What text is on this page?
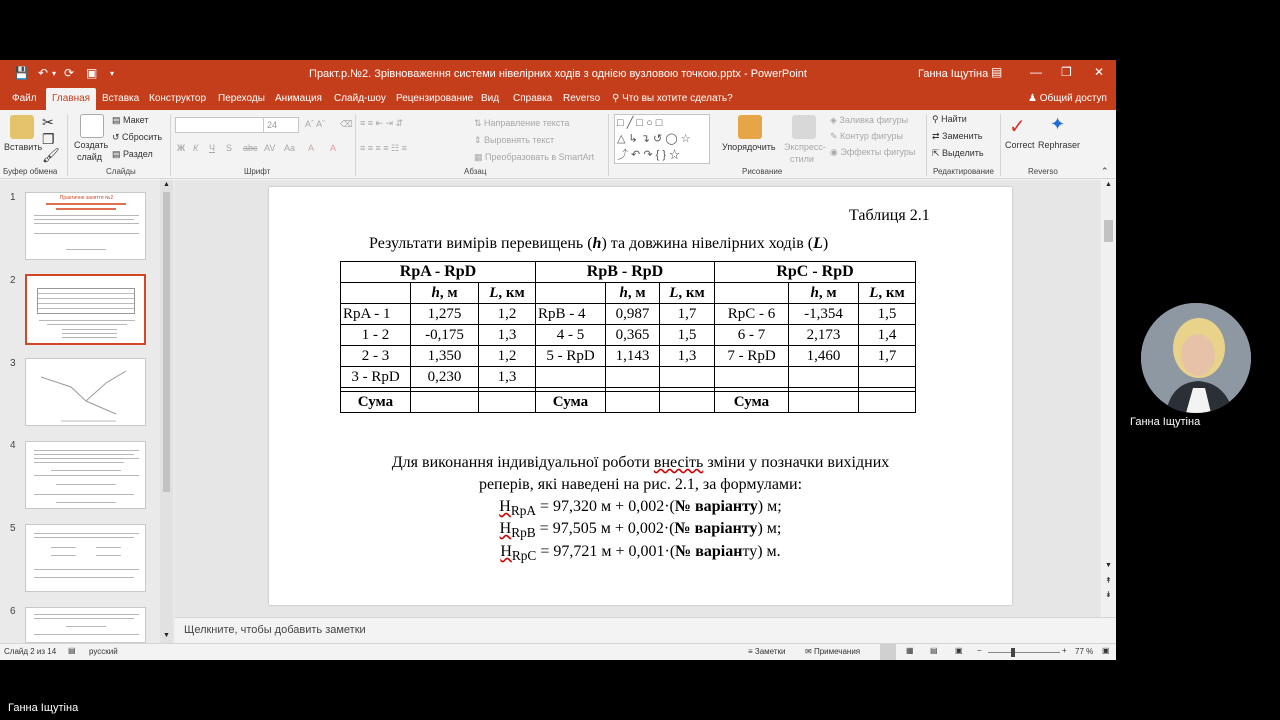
💾 ↶ ▾ ⟳ ▣ ▾	Практ.р.№2. Зрівноваження системи нівелірних ходів з однією вузловою точкою.pptx - PowerPoint	Ганна Іщутіна ▤ — ❐ ✕
Файл	Главная	Вставка Конструктор Переходы Анимация Слайд-шоу Рецензирование Вид Справка Reverso ⚲ Что вы хотите сделать?	♟ Общий доступ
Вставить
✂
❐
🖌
Буфер обмена
Создать
слайд
▤ Макет
↺ Сбросить
▤ Раздел
Слайды
24	Aˆ Aˇ ⌫
Ж К Ч S abc AV Aa A A
Шрифт
≡ ≡ ⇤ ⇥ ⇵	⇅ Направление текста
⇕ Выровнять текст
▦ Преобразовать в SmartArt
≡ ≡ ≡ ≡ ☷ ≡
Абзац
□ ╱ □ ○ □
△ ↳ ↴ ↺ ◯ ☆
⤴ ↶ ↷ { } ☆
Упорядочить Экспресс-
стили
◈ Заливка фигуры
✎ Контур фигуры
◉ Эффекты фигуры
Рисование
⚲ Найти
⇄ Заменить
⇱ Выделить
Редактирование
✓
Correct
✦
Rephraser
Reverso	⌃
1	Практичне заняття №2
2
3
4
5
6
▲
▼
▲
▼
↟
↡
Щелкните, чтобы добавить заметки
Слайд 2 из 14 ▤ русский	≡ Заметки ✉ Примечания	▦ ▤ ▣ −	+ 77 % ▣
Таблиця 2.1
Результати вимірів перевищень (h) та довжина нівелірних ходів (L)
RpA - RpD			RpB - RpD			RpC - RpD		
	h, м	L, км		h, м	L, км		h, м	L, км
RpA - 1	1,275	1,2	RpB - 4	0,987	1,7	RpC - 6	-1,354	1,5
1 - 2	-0,175	1,3	4 - 5	0,365	1,5	6 - 7	2,173	1,4
2 - 3	1,350	1,2	5 - RpD	1,143	1,3	7 - RpD	1,460	1,7
3 - RpD	0,230	1,3						

Сума			Сума			Сума		
Для виконання індивідуальної роботи внесіть зміни у позначки вихідних
реперів, які наведені на рис. 2.1, за формулами:
$Н_{RpA} = 97,320$ м + 0,002·(№ варіанту) м;
$Н_{RpB} = 97,505$ м + 0,002·(№ варіанту) м;
$Н_{RpC} = 97,721$ м + 0,001·(№ варіанту) м.
Ганна Іщутіна
Ганна Іщутіна
